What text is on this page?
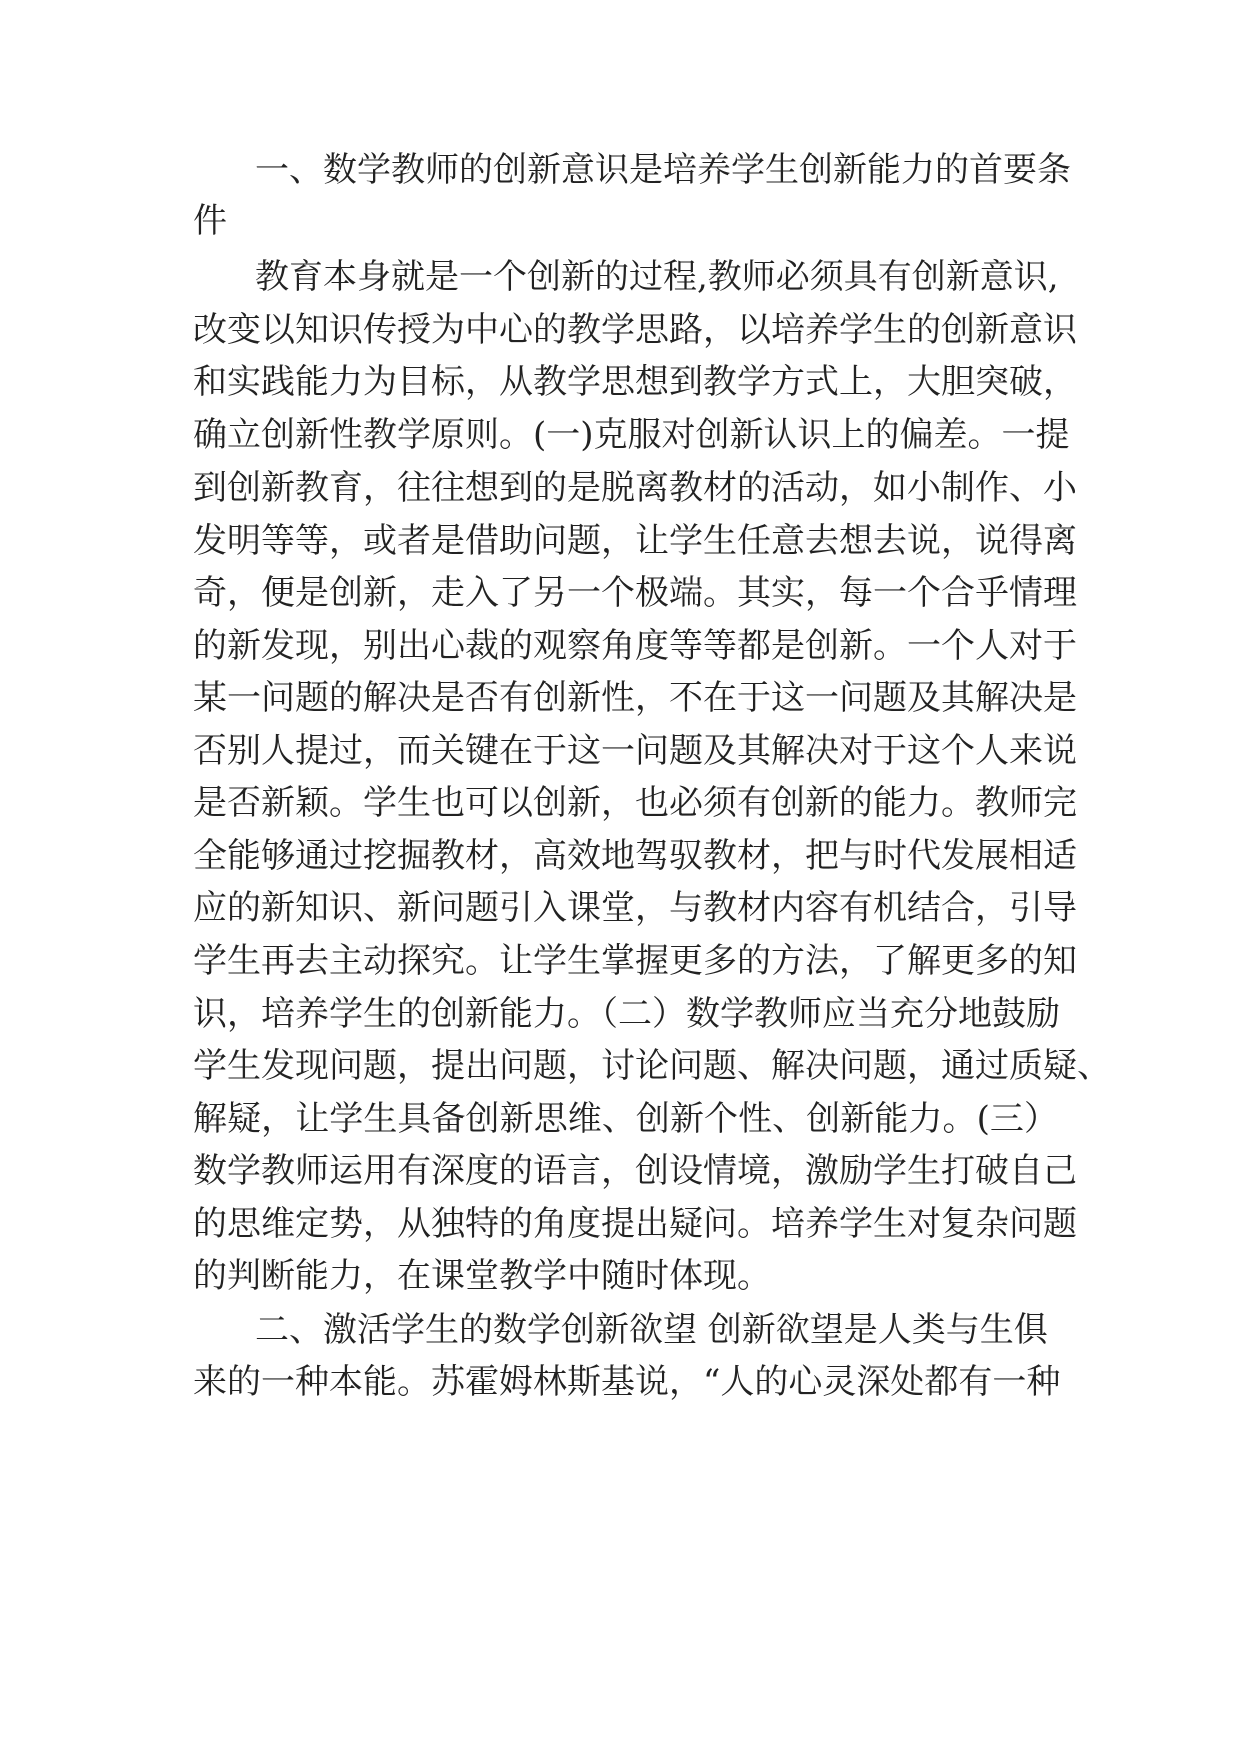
一、数学教师的创新意识是培养学生创新能力的首要条
件
教育本身就是一个创新的过程,教师必须具有创新意识,
改变以知识传授为中心的教学思路，以培养学生的创新意识
和实践能力为目标，从教学思想到教学方式上，大胆突破，
确立创新性教学原则。(一)克服对创新认识上的偏差。一提
到创新教育，往往想到的是脱离教材的活动，如小制作、小
发明等等，或者是借助问题，让学生任意去想去说，说得离
奇，便是创新，走入了另一个极端。其实，每一个合乎情理
的新发现，别出心裁的观察角度等等都是创新。一个人对于
某一问题的解决是否有创新性，不在于这一问题及其解决是
否别人提过，而关键在于这一问题及其解决对于这个人来说
是否新颖。学生也可以创新，也必须有创新的能力。教师完
全能够通过挖掘教材，高效地驾驭教材，把与时代发展相适
应的新知识、新问题引入课堂，与教材内容有机结合，引导
学生再去主动探究。让学生掌握更多的方法，了解更多的知
识，培养学生的创新能力。（二）数学教师应当充分地鼓励
学生发现问题，提出问题，讨论问题、解决问题，通过质疑、
解疑，让学生具备创新思维、创新个性、创新能力。(三）
数学教师运用有深度的语言，创设情境，激励学生打破自己
的思维定势，从独特的角度提出疑问。培养学生对复杂问题
的判断能力，在课堂教学中随时体现。
二、激活学生的数学创新欲望 创新欲望是人类与生俱
来的一种本能。苏霍姆林斯基说，“人的心灵深处都有一种
